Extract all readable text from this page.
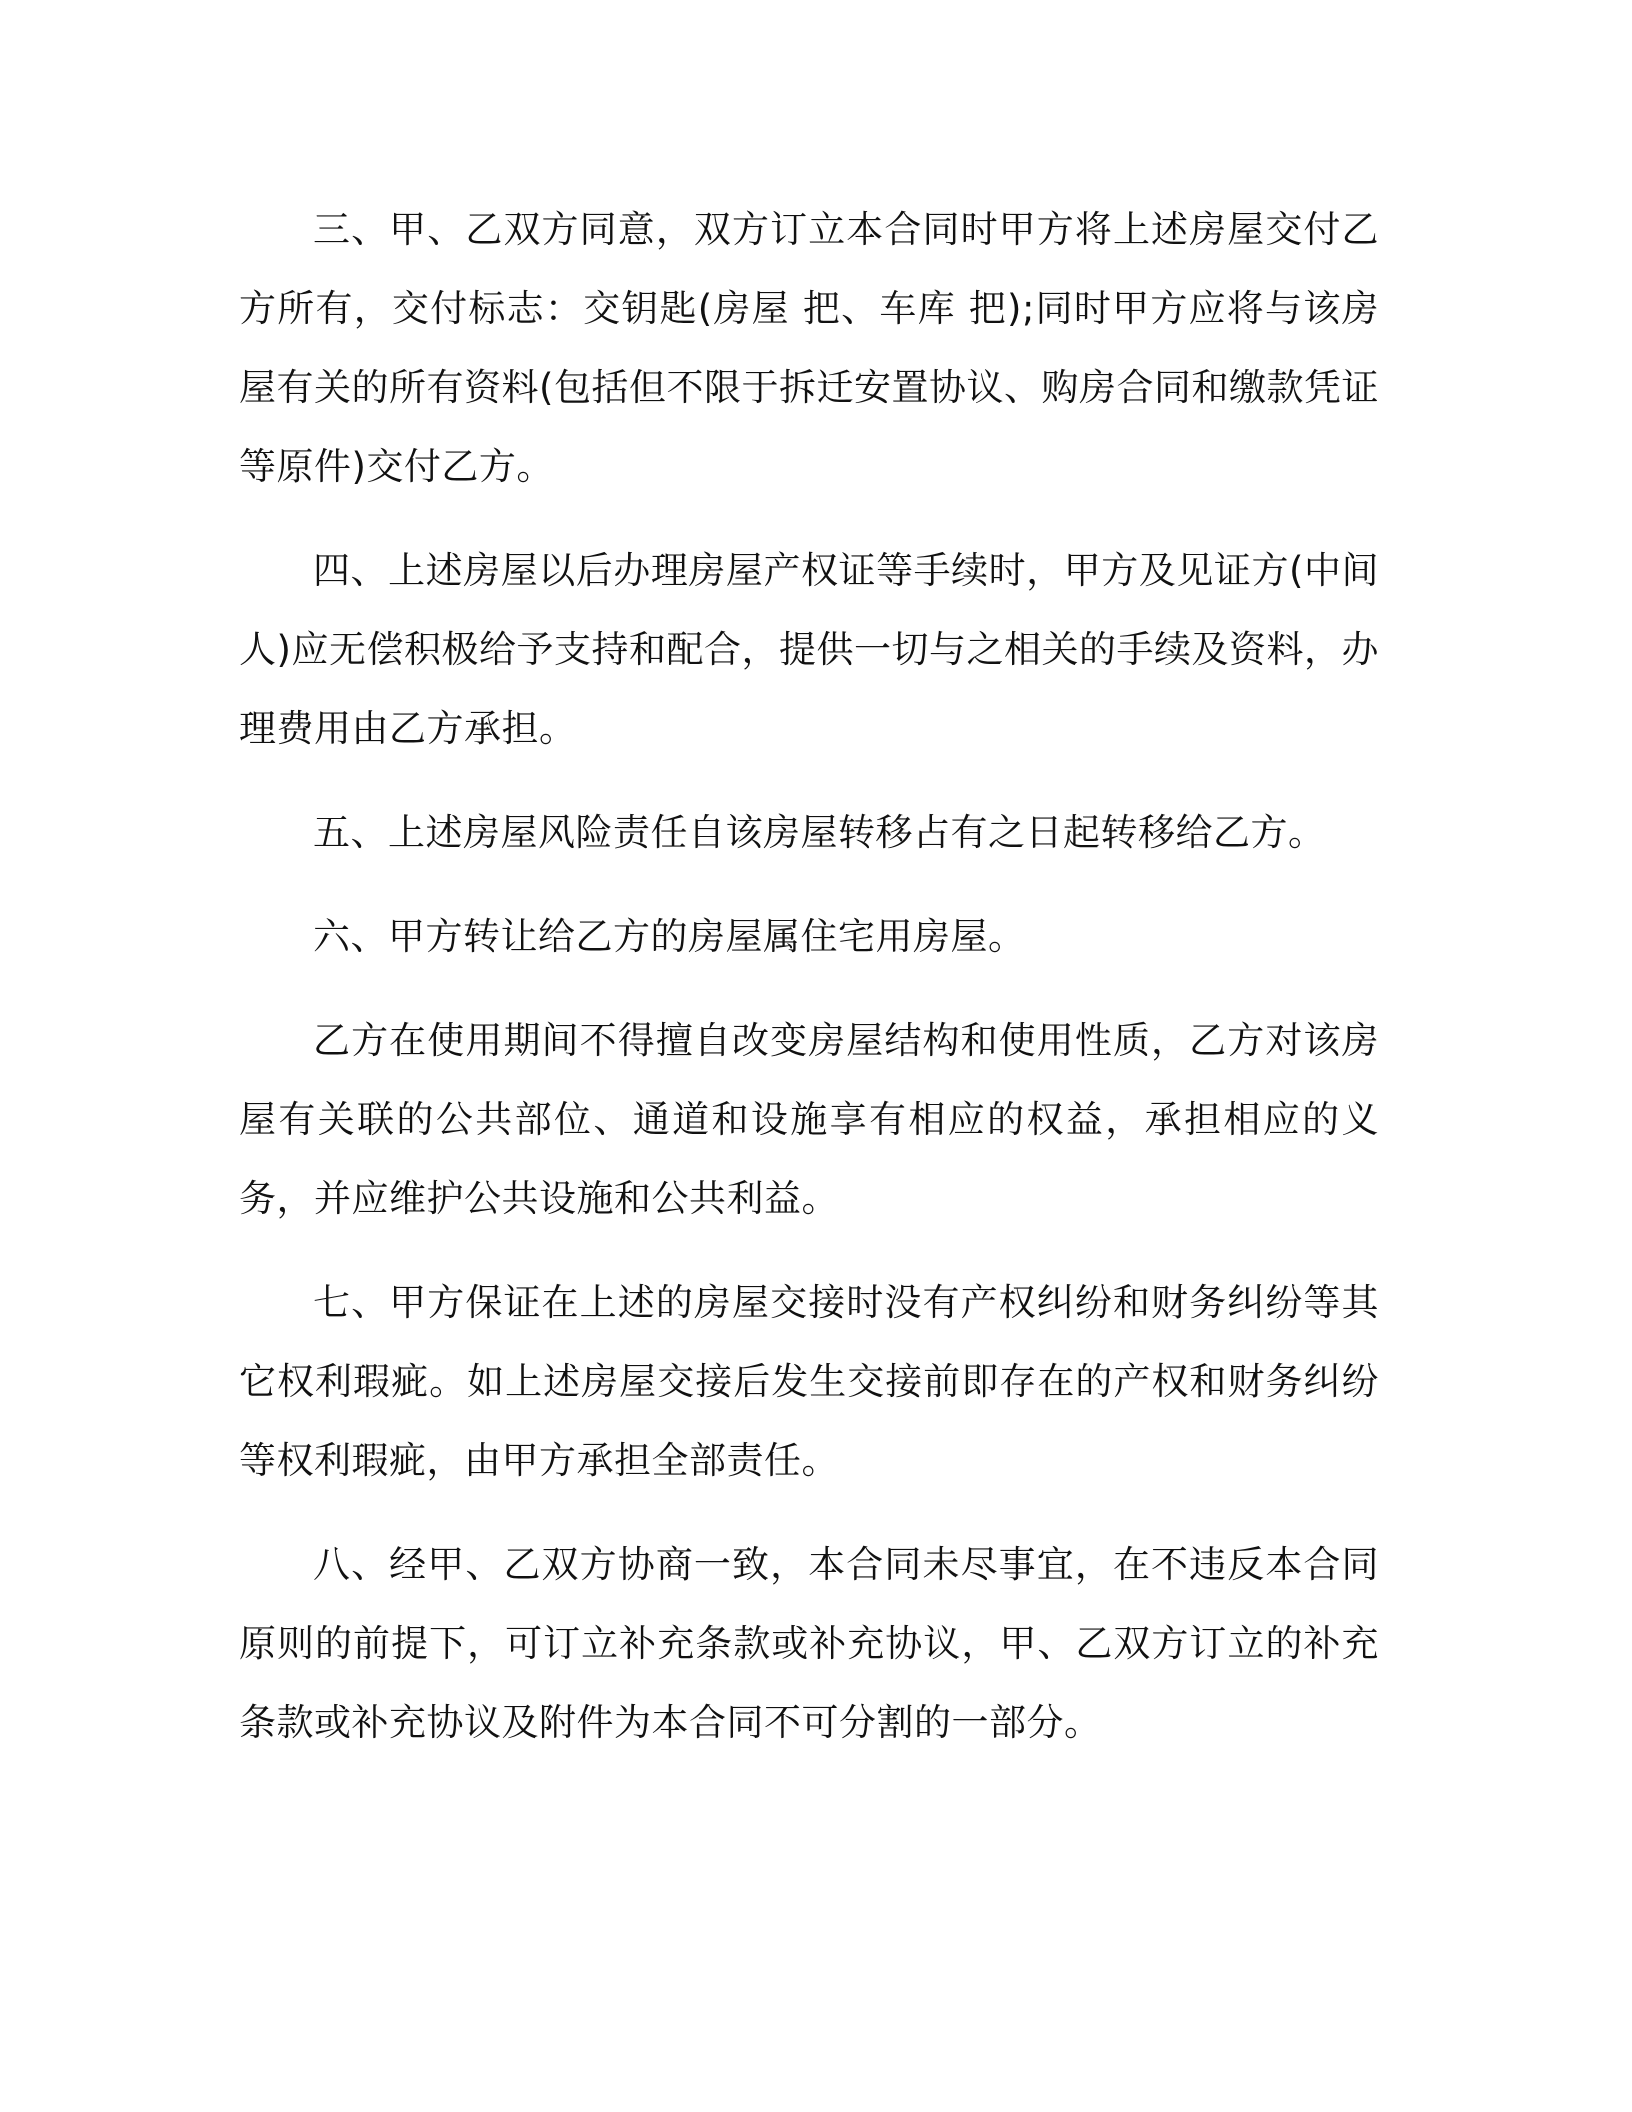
三、甲、乙双方同意，双方订立本合同时甲方将上述房屋交付乙方所有，交付标志：交钥匙(房屋 把、车库 把);同时甲方应将与该房屋有关的所有资料(包括但不限于拆迁安置协议、购房合同和缴款凭证等原件)交付乙方。

四、上述房屋以后办理房屋产权证等手续时，甲方及见证方(中间人)应无偿积极给予支持和配合，提供一切与之相关的手续及资料，办理费用由乙方承担。

五、上述房屋风险责任自该房屋转移占有之日起转移给乙方。

六、甲方转让给乙方的房屋属住宅用房屋。

乙方在使用期间不得擅自改变房屋结构和使用性质，乙方对该房屋有关联的公共部位、通道和设施享有相应的权益，承担相应的义务，并应维护公共设施和公共利益。

七、甲方保证在上述的房屋交接时没有产权纠纷和财务纠纷等其它权利瑕疵。如上述房屋交接后发生交接前即存在的产权和财务纠纷等权利瑕疵，由甲方承担全部责任。

八、经甲、乙双方协商一致，本合同未尽事宜，在不违反本合同原则的前提下，可订立补充条款或补充协议，甲、乙双方订立的补充条款或补充协议及附件为本合同不可分割的一部分。
